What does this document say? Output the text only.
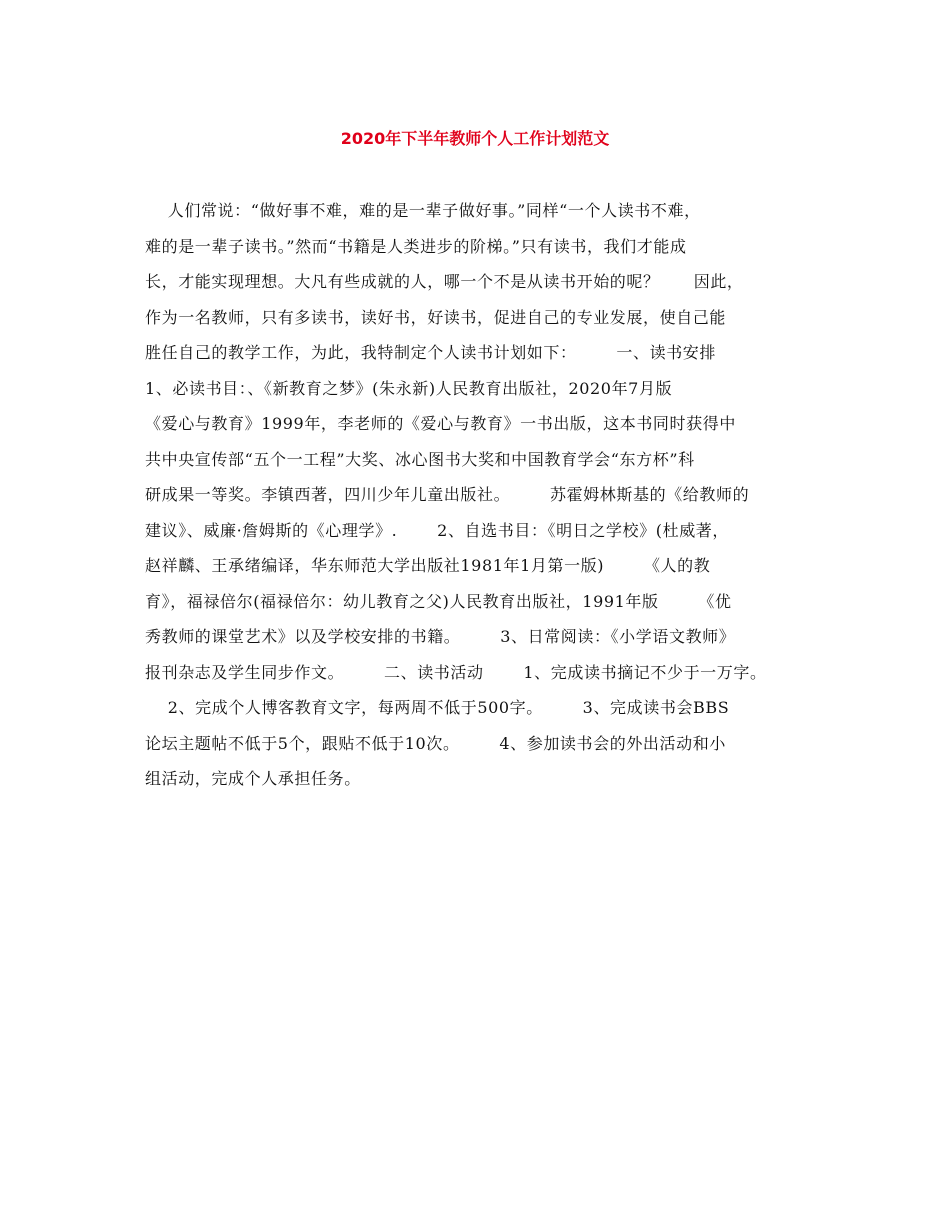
2020年下半年教师个人工作计划范文
人们常说：“做好事不难，难的是一辈子做好事。”同样“一个人读书不难，
难的是一辈子读书。”然而“书籍是人类进步的阶梯。”只有读书，我们才能成
长，才能实现理想。大凡有些成就的人，哪一个不是从读书开始的呢？      因此，
作为一名教师，只有多读书，读好书，好读书，促进自己的专业发展，使自己能
胜任自己的教学工作，为此，我特制定个人读书计划如下：       一、读书安排
1、必读书目：、《新教育之梦》(朱永新)人民教育出版社，2020年7月版
《爱心与教育》1999年，李老师的《爱心与教育》一书出版，这本书同时获得中
共中央宣传部“五个一工程”大奖、冰心图书大奖和中国教育学会“东方杯”科
研成果一等奖。李镇西著，四川少年儿童出版社。       苏霍姆林斯基的《给教师的
建议》、威廉·詹姆斯的《心理学》.       2、自选书目：《明日之学校》(杜威著，
赵祥麟、王承绪编译，华东师范大学出版社1981年1月第一版)       《人的教
育》，福禄倍尔(福禄倍尔：幼儿教育之父)人民教育出版社，1991年版       《优
秀教师的课堂艺术》以及学校安排的书籍。       3、日常阅读：《小学语文教师》
报刊杂志及学生同步作文。       二、读书活动       1、完成读书摘记不少于一万字。
2、完成个人博客教育文字，每两周不低于500字。       3、完成读书会BBS
论坛主题帖不低于5个，跟贴不低于10次。       4、参加读书会的外出活动和小
组活动，完成个人承担任务。
